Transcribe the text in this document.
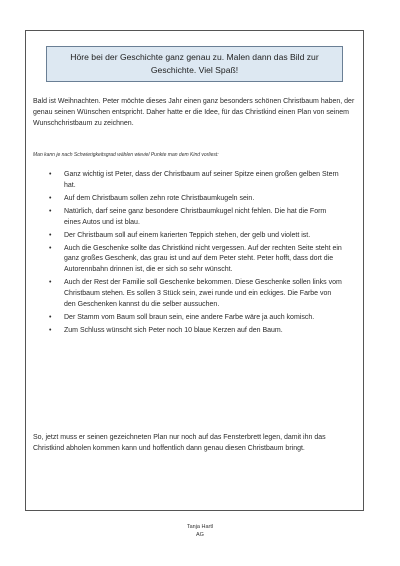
Höre bei der Geschichte ganz genau zu. Malen dann das Bild zur Geschichte. Viel Spaß!

Bald ist Weihnachten. Peter möchte dieses Jahr einen ganz besonders schönen Christbaum haben, der genau seinen Wünschen entspricht. Daher hatte er die Idee, für das Christkind einen Plan von seinem Wunschchristbaum zu zeichnen.

Man kann je nach Schwierigkeitsgrad wählen wieviel Punkte man dem Kind vorliest:

• Ganz wichtig ist Peter, dass der Christbaum auf seiner Spitze einen großen gelben Stern hat.
• Auf dem Christbaum sollen zehn rote Christbaumkugeln sein.
• Natürlich, darf seine ganz besondere Christbaumkugel nicht fehlen. Die hat die Form eines Autos und ist blau.
• Der Christbaum soll auf einem karierten Teppich stehen, der gelb und violett ist.
• Auch die Geschenke sollte das Christkind nicht vergessen. Auf der rechten Seite steht ein ganz großes Geschenk, das grau ist und auf dem Peter steht. Peter hofft, dass dort die Autorennbahn drinnen ist, die er sich so sehr wünscht.
• Auch der Rest der Familie soll Geschenke bekommen. Diese Geschenke sollen links vom Christbaum stehen. Es sollen 3 Stück sein, zwei runde und ein eckiges. Die Farbe von den Geschenken kannst du die selber aussuchen.
• Der Stamm vom Baum soll braun sein, eine andere Farbe wäre ja auch komisch.
• Zum Schluss wünscht sich Peter noch 10 blaue Kerzen auf den Baum.

So, jetzt muss er seinen gezeichneten Plan nur noch auf das Fensterbrett legen, damit ihn das Christkind abholen kommen kann und hoffentlich dann genau diesen Christbaum bringt.

Tanja Hartl
AG
